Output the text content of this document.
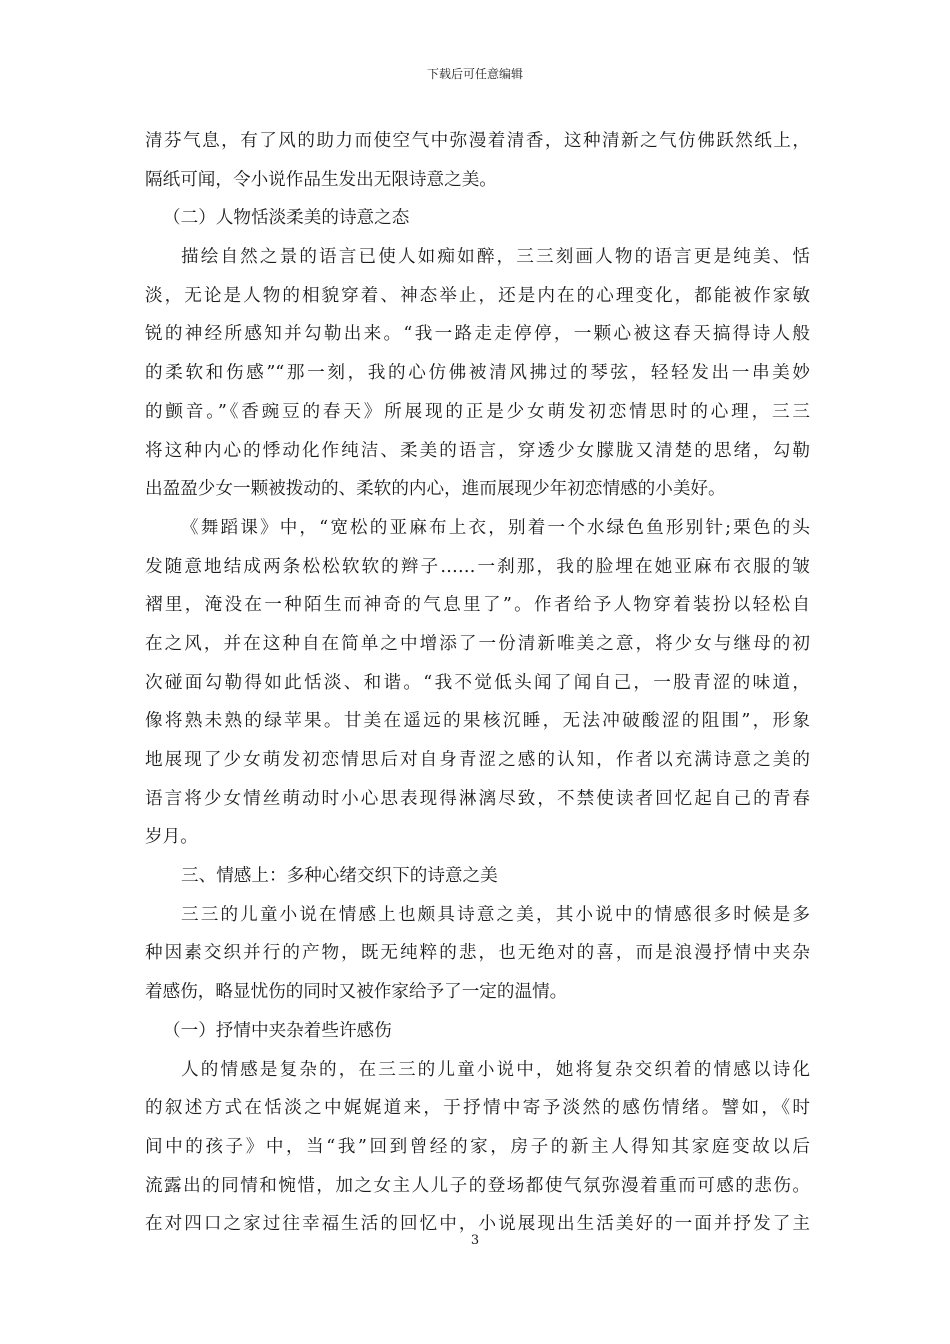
下载后可任意编辑
清芬气息，有了风的助力而使空气中弥漫着清香，这种清新之气仿佛跃然纸上，
隔纸可闻，令小说作品生发出无限诗意之美。
（二）人物恬淡柔美的诗意之态
描绘自然之景的语言已使人如痴如醉，三三刻画人物的语言更是纯美、恬
淡，无论是人物的相貌穿着、神态举止，还是内在的心理变化，都能被作家敏
锐的神经所感知并勾勒出来。“我一路走走停停，一颗心被这春天搞得诗人般
的柔软和伤感”“那一刻，我的心仿佛被清风拂过的琴弦，轻轻发出一串美妙
的颤音。”《香豌豆的春天》所展现的正是少女萌发初恋情思时的心理，三三
将这种内心的悸动化作纯洁、柔美的语言，穿透少女朦胧又清楚的思绪，勾勒
出盈盈少女一颗被拨动的、柔软的内心，進而展现少年初恋情感的小美好。
《舞蹈课》中，“宽松的亚麻布上衣，别着一个水绿色鱼形别针;栗色的头
发随意地结成两条松松软软的辫子……一刹那，我的脸埋在她亚麻布衣服的皱
褶里，淹没在一种陌生而神奇的气息里了”。作者给予人物穿着装扮以轻松自
在之风，并在这种自在简单之中增添了一份清新唯美之意，将少女与继母的初
次碰面勾勒得如此恬淡、和谐。“我不觉低头闻了闻自己，一股青涩的味道，
像将熟未熟的绿苹果。甘美在遥远的果核沉睡，无法冲破酸涩的阻围”，形象
地展现了少女萌发初恋情思后对自身青涩之感的认知，作者以充满诗意之美的
语言将少女情丝萌动时小心思表现得淋漓尽致，不禁使读者回忆起自己的青春
岁月。
三、情感上：多种心绪交织下的诗意之美
三三的儿童小说在情感上也颇具诗意之美，其小说中的情感很多时候是多
种因素交织并行的产物，既无纯粹的悲，也无绝对的喜，而是浪漫抒情中夹杂
着感伤，略显忧伤的同时又被作家给予了一定的温情。
（一）抒情中夹杂着些许感伤
人的情感是复杂的，在三三的儿童小说中，她将复杂交织着的情感以诗化
的叙述方式在恬淡之中娓娓道来，于抒情中寄予淡然的感伤情绪。譬如，《时
间中的孩子》中，当“我”回到曾经的家，房子的新主人得知其家庭变故以后
流露出的同情和惋惜，加之女主人儿子的登场都使气氛弥漫着重而可感的悲伤。
在对四口之家过往幸福生活的回忆中，小说展现出生活美好的一面并抒发了主
3
